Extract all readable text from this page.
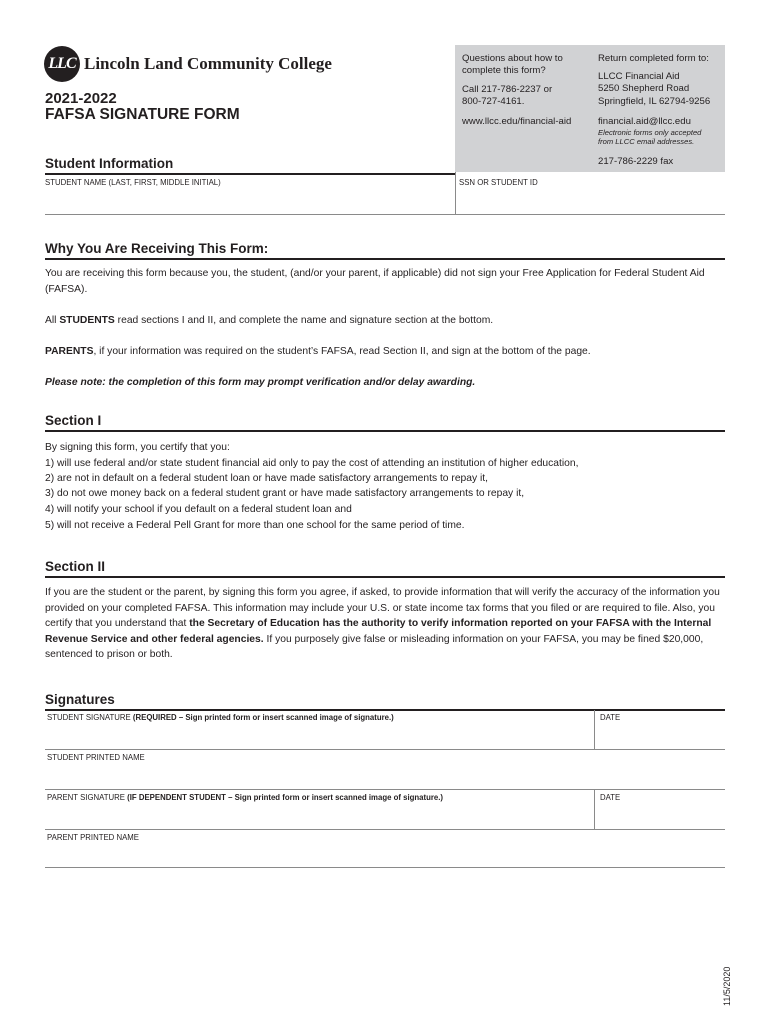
LLC Lincoln Land Community College
2021-2022
FAFSA SIGNATURE FORM
Questions about how to
complete this form?
Call 217-786-2237 or
800-727-4161.
www.llcc.edu/financial-aid
Return completed form to:
LLCC Financial Aid
5250 Shepherd Road
Springfield, IL 62794-9256
financial.aid@llcc.edu
Electronic forms only accepted
from LLCC email addresses.
217-786-2229 fax
Student Information
STUDENT NAME (LAST, FIRST, MIDDLE INITIAL)	SSN OR STUDENT ID
Why You Are Receiving This Form:
You are receiving this form because you, the student, (and/or your parent, if applicable) did not sign your Free Application for Federal Student Aid (FAFSA).
All STUDENTS read sections I and II, and complete the name and signature section at the bottom.
PARENTS, if your information was required on the student’s FAFSA, read Section II, and sign at the bottom of the page.
Please note: the completion of this form may prompt verification and/or delay awarding.
Section I
By signing this form, you certify that you:
1) will use federal and/or state student financial aid only to pay the cost of attending an institution of higher education,
2) are not in default on a federal student loan or have made satisfactory arrangements to repay it,
3) do not owe money back on a federal student grant or have made satisfactory arrangements to repay it,
4) will notify your school if you default on a federal student loan and
5) will not receive a Federal Pell Grant for more than one school for the same period of time.
Section II
If you are the student or the parent, by signing this form you agree, if asked, to provide information that will verify the accuracy of the information you provided on your completed FAFSA. This information may include your U.S. or state income tax forms that you filed or are required to file. Also, you certify that you understand that the Secretary of Education has the authority to verify information reported on your FAFSA with the Internal Revenue Service and other federal agencies. If you purposely give false or misleading information on your FAFSA, you may be fined $20,000, sentenced to prison or both.
Signatures
STUDENT SIGNATURE (REQUIRED – Sign printed form or insert scanned image of signature.)	DATE
STUDENT PRINTED NAME
PARENT SIGNATURE (IF DEPENDENT STUDENT – Sign printed form or insert scanned image of signature.)	DATE
PARENT PRINTED NAME
11/5/2020
